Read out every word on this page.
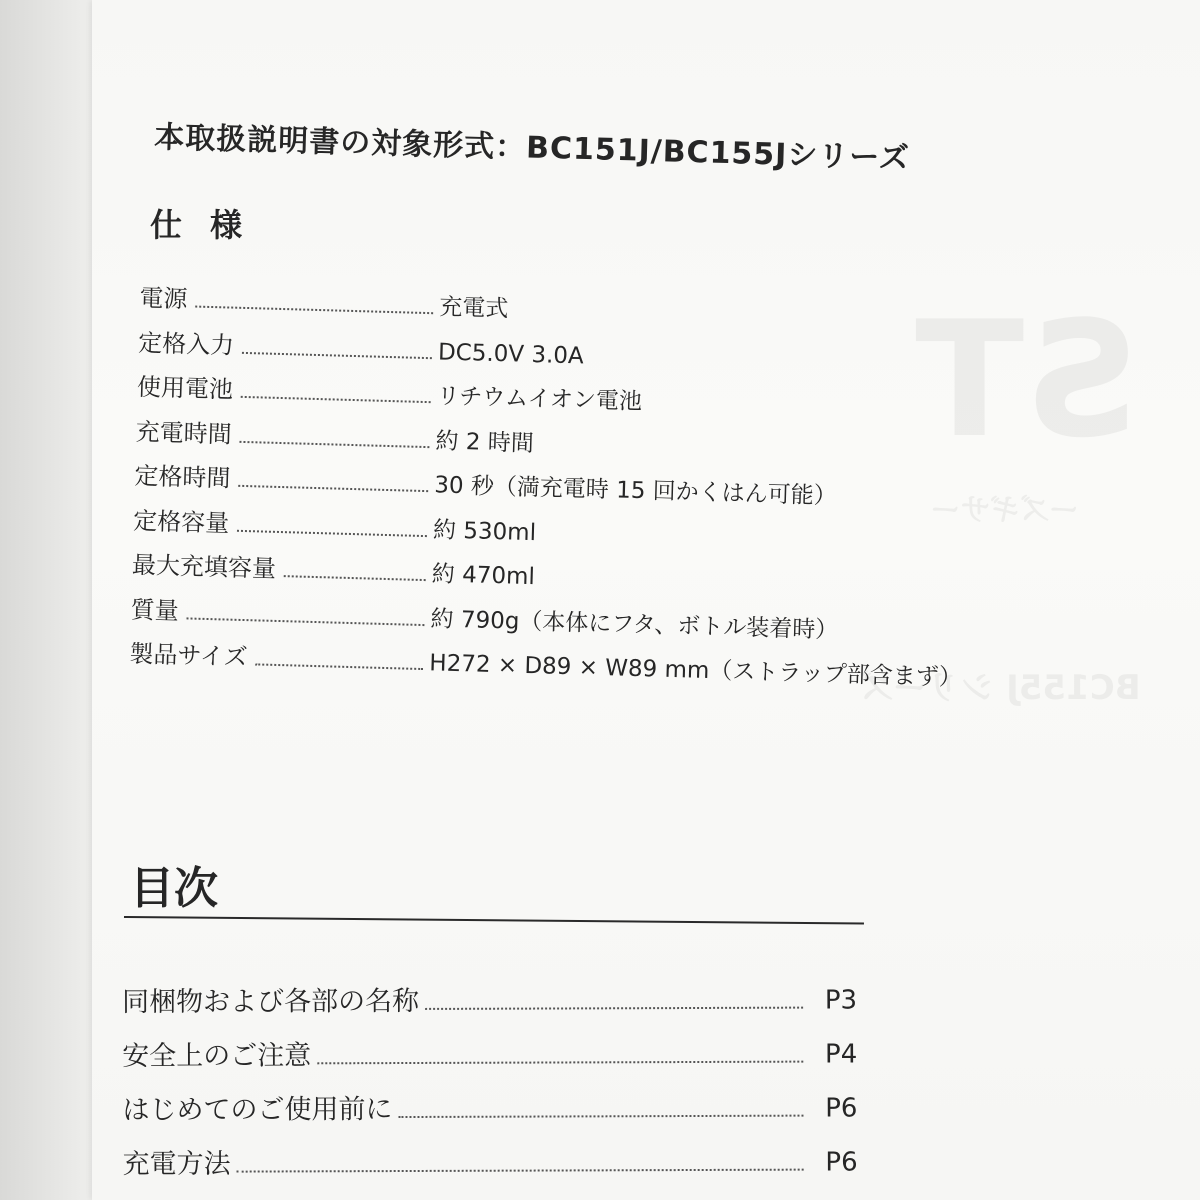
ST
ーズギサー
BC155J シリーズ
本取扱説明書の対象形式：BC151J/BC155Jシリーズ
仕様
電源	充電式
定格入力	DC5.0V 3.0A
使用電池	リチウムイオン電池
充電時間	約 2 時間
定格時間	30 秒（満充電時 15 回かくはん可能）
定格容量	約 530ml
最大充填容量	約 470ml
質量	約 790g（本体にフタ、ボトル装着時）
製品サイズ	H272 × D89 × W89 mm（ストラップ部含まず）
目次
同梱物および各部の名称	P3
安全上のご注意	P4
はじめてのご使用前に	P6
充電方法	P6
